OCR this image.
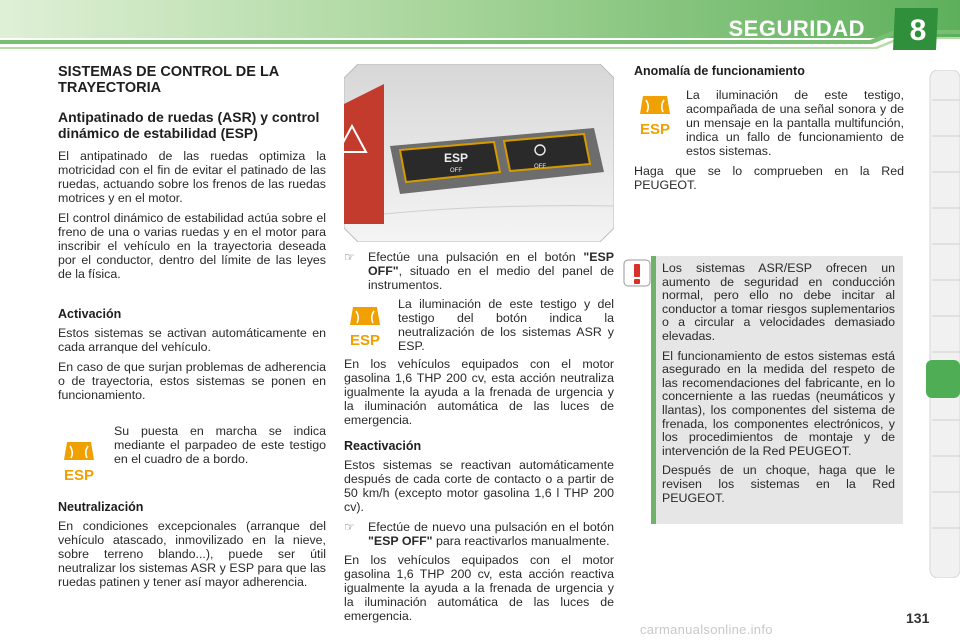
SEGURIDAD	8
SISTEMAS DE CONTROL DE LA TRAYECTORIA
Antipatinado de ruedas (ASR) y control dinámico de estabilidad (ESP)

El antipatinado de las ruedas optimiza la motricidad con el fin de evitar el patinado de las ruedas, actuando sobre los frenos de las ruedas motrices y en el motor.

El control dinámico de estabilidad actúa sobre el freno de una o varias ruedas y en el motor para inscribir el vehículo en la trayectoria deseada por el conductor, dentro del límite de las leyes de la física.

Activación

Estos sistemas se activan automáticamente en cada arranque del vehículo.

En caso de que surjan problemas de adherencia o de trayectoria, estos sistemas se ponen en funcionamiento.

ESP

Su puesta en marcha se indica mediante el parpadeo de este testigo en el cuadro de a bordo.

Neutralización

En condiciones excepcionales (arranque del vehículo atascado, inmovilizado en la nieve, sobre terreno blando...), puede ser útil neutralizar los sistemas ASR y ESP para que las ruedas patinen y tener así mayor adherencia.

ESP
OFF
OFF
☞	Efectúe una pulsación en el botón "ESP OFF", situado en el medio del panel de instrumentos.
ESP

La iluminación de este testigo y del testigo del botón indica la neutralización de los sistemas ASR y ESP.

En los vehículos equipados con el motor gasolina 1,6 THP 200 cv, esta acción neutraliza igualmente la ayuda a la frenada de urgencia y la iluminación automática de las luces de emergencia.

Reactivación

Estos sistemas se reactivan automáticamente después de cada corte de contacto o a partir de 50 km/h (excepto motor gasolina 1,6 l THP 200 cv).

☞	Efectúe de nuevo una pulsación en el botón "ESP OFF" para reactivarlos manualmente.

En los vehículos equipados con el motor gasolina 1,6 THP 200 cv, esta acción reactiva igualmente la ayuda a la frenada de urgencia y la iluminación automática de las luces de emergencia.

Anomalía de funcionamiento
ESP

La iluminación de este testigo, acompañada de una señal sonora y de un mensaje en la pantalla multifunción, indica un fallo de funcionamiento de estos sistemas.

Haga que se lo comprueben en la Red PEUGEOT.

Los sistemas ASR/ESP ofrecen un aumento de seguridad en conducción normal, pero ello no debe incitar al conductor a tomar riesgos suplementarios o a circular a velocidades demasiado elevadas.

El funcionamiento de estos sistemas está asegurado en la medida del respeto de las recomendaciones del fabricante, en lo concerniente a las ruedas (neumáticos y llantas), los componentes del sistema de frenada, los componentes electrónicos, y los procedimientos de montaje y de intervención de la Red PEUGEOT.

Después de un choque, haga que le revisen los sistemas en la Red PEUGEOT.

131
carmanualsonline.info
